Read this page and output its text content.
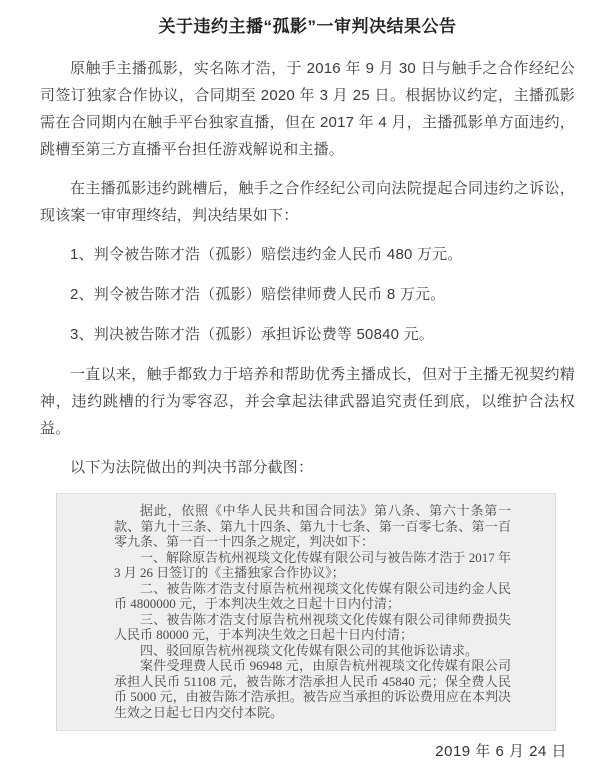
关于违约主播“孤影”一审判决结果公告

原触手主播孤影，实名陈才浩，于 2016 年 9 月 30 日与触手之合作经纪公司签订独家合作协议，合同期至 2020 年 3 月 25 日。根据协议约定，主播孤影需在合同期内在触手平台独家直播，但在 2017 年 4 月，主播孤影单方面违约，跳槽至第三方直播平台担任游戏解说和主播。

在主播孤影违约跳槽后，触手之合作经纪公司向法院提起合同违约之诉讼，现该案一审审理终结，判决结果如下：

1、判令被告陈才浩（孤影）赔偿违约金人民币 480 万元。

2、判令被告陈才浩（孤影）赔偿律师费人民币 8 万元。

3、判决被告陈才浩（孤影）承担诉讼费等 50840 元。

一直以来，触手都致力于培养和帮助优秀主播成长，但对于主播无视契约精神，违约跳槽的行为零容忍，并会拿起法律武器追究责任到底，以维护合法权益。

以下为法院做出的判决书部分截图：

据此，依照《中华人民共和国合同法》第八条、第六十条第一款、第九十三条、第九十四条、第九十七条、第一百零七条、第一百零九条、第一百一十四条之规定，判决如下：

一、解除原告杭州视琰文化传媒有限公司与被告陈才浩于 2017 年 3 月 26 日签订的《主播独家合作协议》；

二、被告陈才浩支付原告杭州视琰文化传媒有限公司违约金人民币 4800000 元，于本判决生效之日起十日内付清；

三、被告陈才浩支付原告杭州视琰文化传媒有限公司律师费损失人民币 80000 元，于本判决生效之日起十日内付清；

四、驳回原告杭州视琰文化传媒有限公司的其他诉讼请求。

案件受理费人民币 96948 元，由原告杭州视琰文化传媒有限公司承担人民币 51108 元，被告陈才浩承担人民币 45840 元；保全费人民币 5000 元，由被告陈才浩承担。被告应当承担的诉讼费用应在本判决生效之日起七日内交付本院。

2019 年 6 月 24 日
